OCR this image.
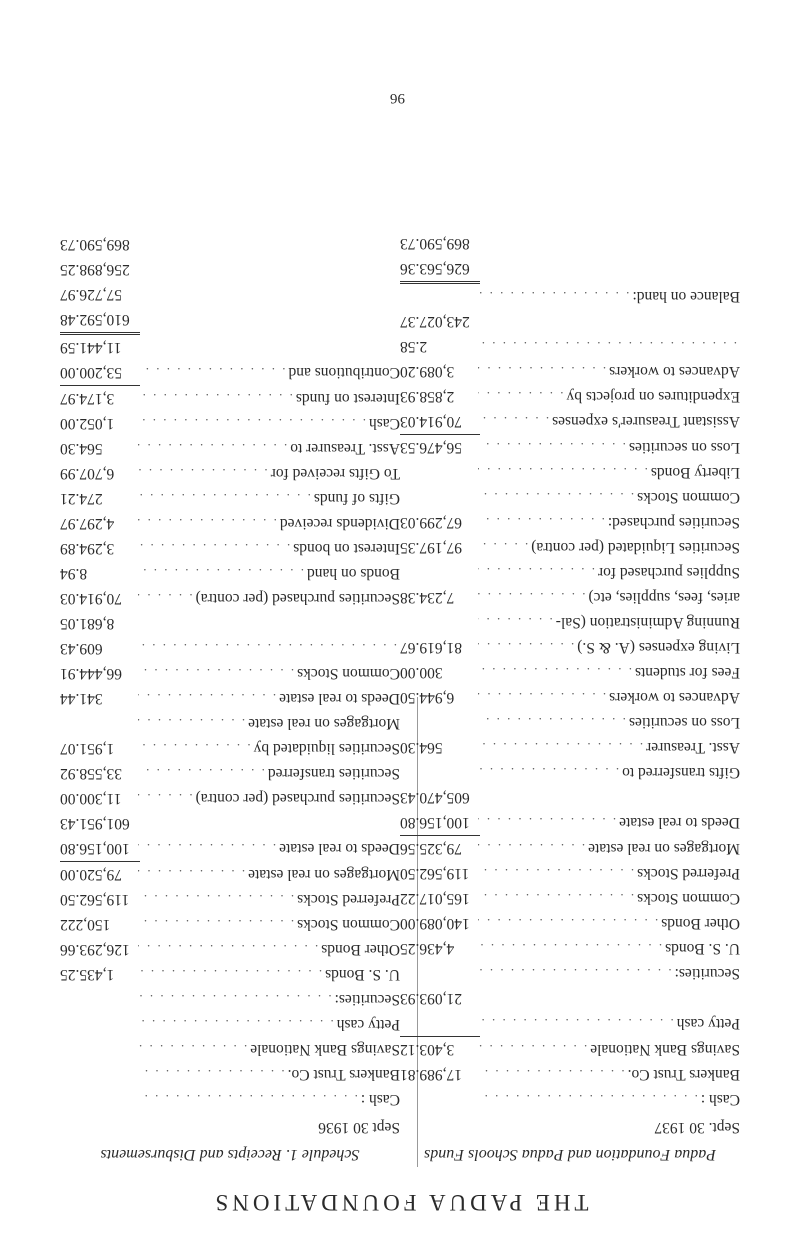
THE PADUA FOUNDATIONS
Padua Foundation and Padua Schools Funds
Sept. 30 1937
Cash :
. . .
Bankers Trust Co.
. . .
17,989.81
Savings Bank Nationale
. . .
3,403.12
Petty cash
. . .
21,093.93
Securities:
. . .
U. S. Bonds
. . .
4,436.25
Other Bonds
. . .
140,089.00
Common Stocks
. . .
165,017.22
Preferred Stocks
. . .
119,562.50
Mortgages on real estate
. . .
79,325.56
Deeds to real estate
. . .
100,156.80
605,470.43
Gifts transferred to
. . .
Asst. Treasurer
. . .
564.30
Loss on securities
. . .
Advances to workers
. . .
6,944.50
Fees for students
. . .
300.00
Living expenses (A. & S.)
. . .
81,619.67
Running Administration (Sal-
. . .
aries, fees, supplies, etc)
. . .
7,234.38
Supplies purchased for
. . .
Securities Liquidated (per contra)
. . .
97,197.35
Securities purchased:
. . .
67,299.03
Common Stocks
. . .
Liberty Bonds
. . .
Loss on securities
. . .
56,476.53
Assistant Treasurer's expenses
. . .
70,914.03
Expenditures on projects by
. . .
2,858.93
Advances to workers
. . .
3,089.20
. . .
2.58
243,027.37
Balance on hand:
. . .
626,563.36
869,590.73
Schedule 1. Receipts and Disbursements
Sept 30 1936
Cash :
. . .
Bankers Trust Co.
. . .
Savings Bank Nationale
. . .
Petty cash
. . .
Securities:
. . .
U. S. Bonds
. . .
1,435.25
Other Bonds
. . .
126,293.66
Common Stocks
. . .
150,222
Preferred Stocks
. . .
119,562.50
Mortgages on real estate
. . .
79,520.00
Deeds to real estate
. . .
100,156.80
601,951.43
Securities purchased (per contra)
. . .
11,300.00
Securities transferred
. . .
33,558.92
Securities liquidated by
. . .
1,951.07
Mortgages on real estate
. . .
Deeds to real estate
. . .
341.44
Common Stocks
. . .
66,444.91
. . .
609.43
8,681.05
Securities purchased (per contra)
. . .
70,914.03
Bonds on hand
. . .
8.94
Interest on bonds
. . .
3,294.89
Dividends received
. . .
4,297.97
Gifts of funds
. . .
274.21
To Gifts received for
. . .
6,707.99
Asst. Treasurer to
. . .
564.30
Cash
. . .
1,052.00
Interest on funds
. . .
3,174.97
Contributions and
. . .
53,200.00
11,441.59
610,592.48
57,726.97
256,898.25
869,590.73
96
